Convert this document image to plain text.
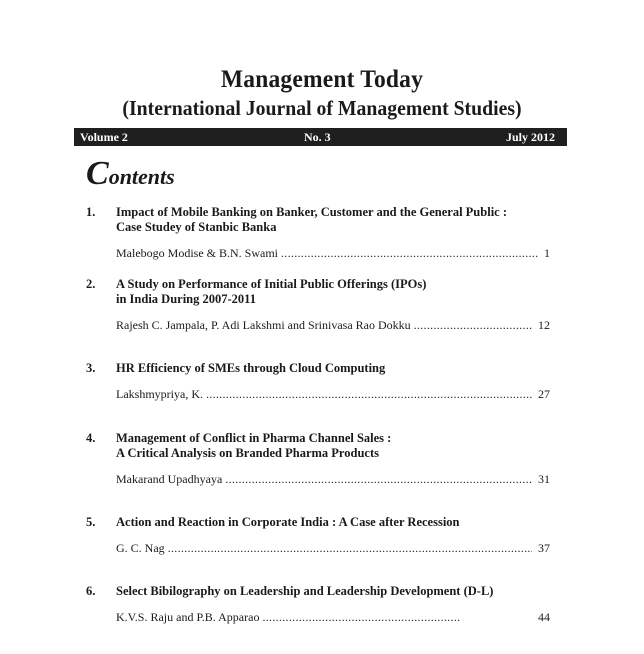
Management Today
(International Journal of Management Studies)
Volume 2	No. 3	July 2012
Contents
1. Impact of Mobile Banking on Banker, Customer and the General Public :
Case Studey of Stanbic Banka
Malebogo Modise & B.N. Swami .....	1
2. A Study on Performance of Initial Public Offerings (IPOs)
in India During 2007-2011
Rajesh C. Jampala, P. Adi Lakshmi and Srinivasa Rao Dokku .....	12
3. HR Efficiency of SMEs through Cloud Computing
Lakshmypriya, K. .....	27
4. Management of Conflict in Pharma Channel Sales :
A Critical Analysis on Branded Pharma Products
Makarand Upadhyaya .....	31
5. Action and Reaction in Corporate India : A Case after Recession
G. C. Nag .....	37
6. Select Bibilography on Leadership and Leadership Development (D-L)
K.V.S. Raju and P.B. Apparao .....	44
